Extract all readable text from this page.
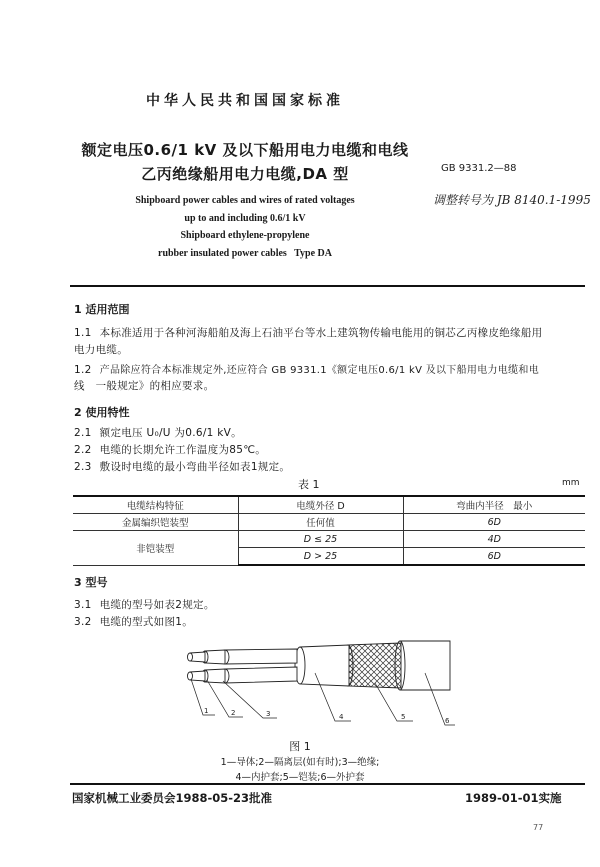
中华人民共和国国家标准
额定电压0.6/1 kV 及以下船用电力电缆和电线
乙丙绝缘船用电力电缆,DA 型	GB 9331.2—88
调整转号为 JB 8140.1-1995
Shipboard power cables and wires of rated voltages
up to and including 0.6/1 kV
Shipboard ethylene-propylene
rubber insulated power cables   Type DA
1 适用范围
1.1 本标准适用于各种河海船舶及海上石油平台等水上建筑物传输电能用的铜芯乙丙橡皮绝缘船用
电力电缆。
1.2 产品除应符合本标准规定外,还应符合 GB 9331.1《额定电压0.6/1 kV 及以下船用电力电缆和电
线　一般规定》的相应要求。
2 使用特性
2.1 额定电压 U₀/U 为0.6/1 kV。
2.2 电缆的长期允许工作温度为85℃。
2.3 敷设时电缆的最小弯曲半径如表1规定。
表 1	mm
电缆结构特征	电缆外径 D	弯曲内半径　最小
金属编织铠装型	任何值	6D
非铠装型	D ≤ 25	4D
	D > 25	6D
3 型号
3.1 电缆的型号如表2规定。
3.2 电缆的型式如图1。
1	2	3	4	5	6
图 1
1—导体;2—隔离层(如有时);3—绝缘;
4—内护套;5—铠装;6—外护套
国家机械工业委员会1988-05-23批准	1989-01-01实施
77
